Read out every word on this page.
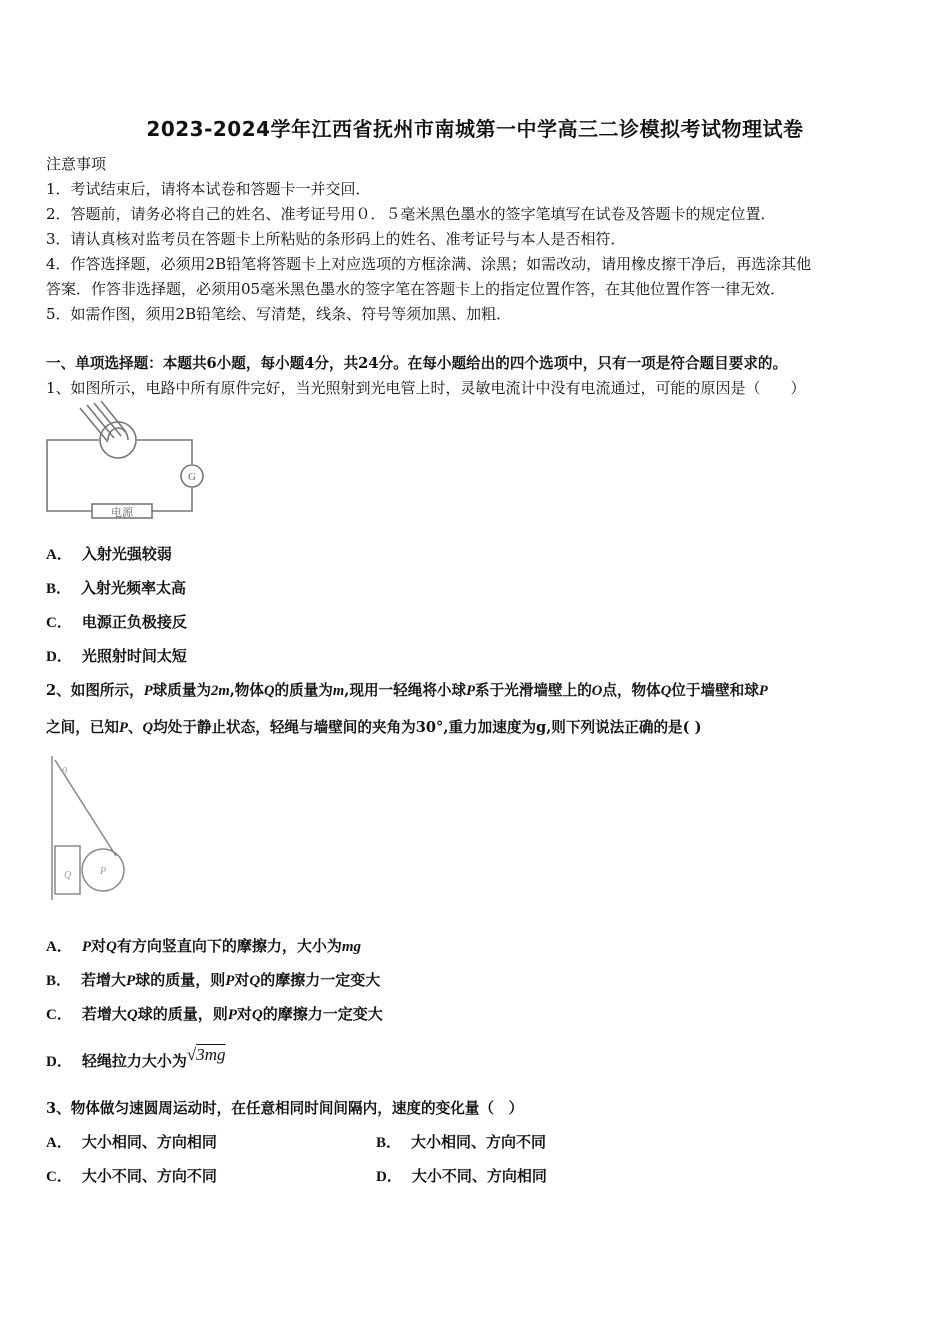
2023-2024学年江西省抚州市南城第一中学高三二诊模拟考试物理试卷
注意事项
1．考试结束后，请将本试卷和答题卡一并交回．
2．答题前，请务必将自己的姓名、准考证号用０．５毫米黑色墨水的签字笔填写在试卷及答题卡的规定位置．
3．请认真核对监考员在答题卡上所粘贴的条形码上的姓名、准考证号与本人是否相符．
4．作答选择题，必须用2B铅笔将答题卡上对应选项的方框涂满、涂黑；如需改动，请用橡皮擦干净后，再选涂其他
答案．作答非选择题，必须用05毫米黑色墨水的签字笔在答题卡上的指定位置作答，在其他位置作答一律无效．
5．如需作图，须用2B铅笔绘、写清楚，线条、符号等须加黑、加粗．
一、单项选择题：本题共6小题，每小题4分，共24分。在每小题给出的四个选项中，只有一项是符合题目要求的。
1、如图所示，电路中所有原件完好，当光照射到光电管上时，灵敏电流计中没有电流通过，可能的原因是（　　）
电源
G
A． 入射光强较弱
B． 入射光频率太高
C． 电源正负极接反
D． 光照射时间太短
2、如图所示，P球质量为2m,物体Q的质量为m,现用一轻绳将小球P系于光滑墙壁上的O点，物体Q位于墙壁和球P
之间，已知P、Q均处于静止状态，轻绳与墙壁间的夹角为30°,重力加速度为g,则下列说法正确的是( )
0
Q	P
A． P对Q有方向竖直向下的摩擦力，大小为mg
B． 若增大P球的质量，则P对Q的摩擦力一定变大
C． 若增大Q球的质量，则P对Q的摩擦力一定变大
D． 轻绳拉力大小为√3mg
3、物体做匀速圆周运动时，在任意相同时间间隔内，速度的变化量（　）
A． 大小相同、方向相同	B． 大小相同、方向不同
C． 大小不同、方向不同	D． 大小不同、方向相同
